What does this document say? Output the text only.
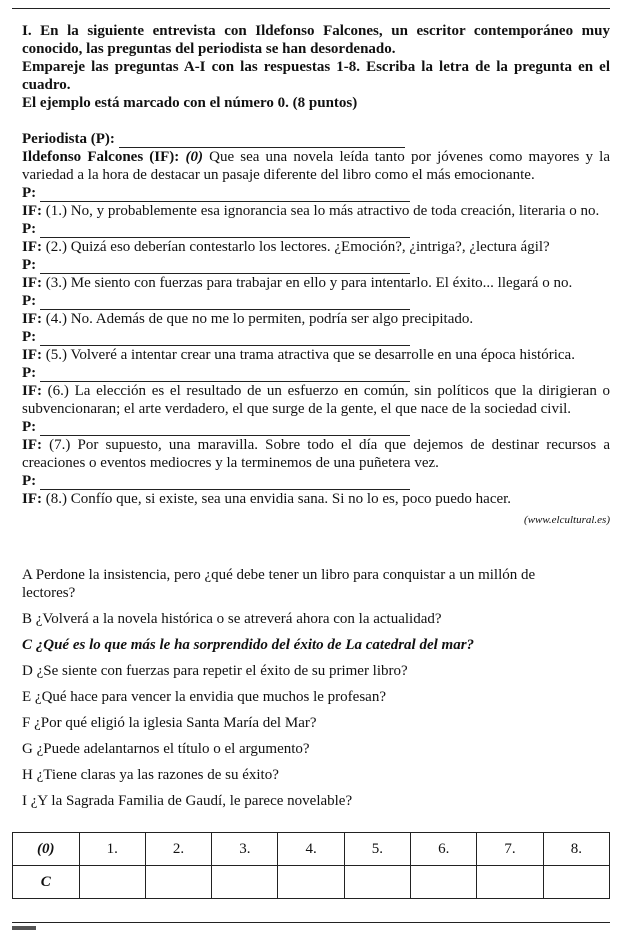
I. En la siguiente entrevista con Ildefonso Falcones, un escritor contemporáneo muy conocido, las preguntas del periodista se han desordenado.

Empareje las preguntas A-I con las respuestas 1-8. Escriba la letra de la pregunta en el cuadro.

El ejemplo está marcado con el número 0. (8 puntos)

Periodista (P):

Ildefonso Falcones (IF): (0) Que sea una novela leída tanto por jóvenes como mayores y la variedad a la hora de destacar un pasaje diferente del libro como el más emocionante.

P:

IF: (1.) No, y probablemente esa ignorancia sea lo más atractivo de toda creación, literaria o no.

P:

IF: (2.) Quizá eso deberían contestarlo los lectores. ¿Emoción?, ¿intriga?, ¿lectura ágil?

P:

IF: (3.) Me siento con fuerzas para trabajar en ello y para intentarlo. El éxito... llegará o no.

P:

IF: (4.) No. Además de que no me lo permiten, podría ser algo precipitado.

P:

IF: (5.) Volveré a intentar crear una trama atractiva que se desarrolle en una época histórica.

P:

IF: (6.) La elección es el resultado de un esfuerzo en común, sin políticos que la dirigieran o subvencionaran; el arte verdadero, el que surge de la gente, el que nace de la sociedad civil.

P:

IF: (7.) Por supuesto, una maravilla. Sobre todo el día que dejemos de destinar recursos a creaciones o eventos mediocres y la terminemos de una puñetera vez.

P:

IF: (8.) Confío que, si existe, sea una envidia sana. Si no lo es, poco puedo hacer.

(www.elcultural.es)

A Perdone la insistencia, pero ¿qué debe tener un libro para conquistar a un millón de lectores?

B ¿Volverá a la novela histórica o se atreverá ahora con la actualidad?

C ¿Qué es lo que más le ha sorprendido del éxito de La catedral del mar?

D ¿Se siente con fuerzas para repetir el éxito de su primer libro?

E ¿Qué hace para vencer la envidia que muchos le profesan?

F ¿Por qué eligió la iglesia Santa María del Mar?

G ¿Puede adelantarnos el título o el argumento?

H ¿Tiene claras ya las razones de su éxito?

I ¿Y la Sagrada Familia de Gaudí, le parece novelable?

(0)	1.	2.	3.	4.	5.	6.	7.	8.
C								
